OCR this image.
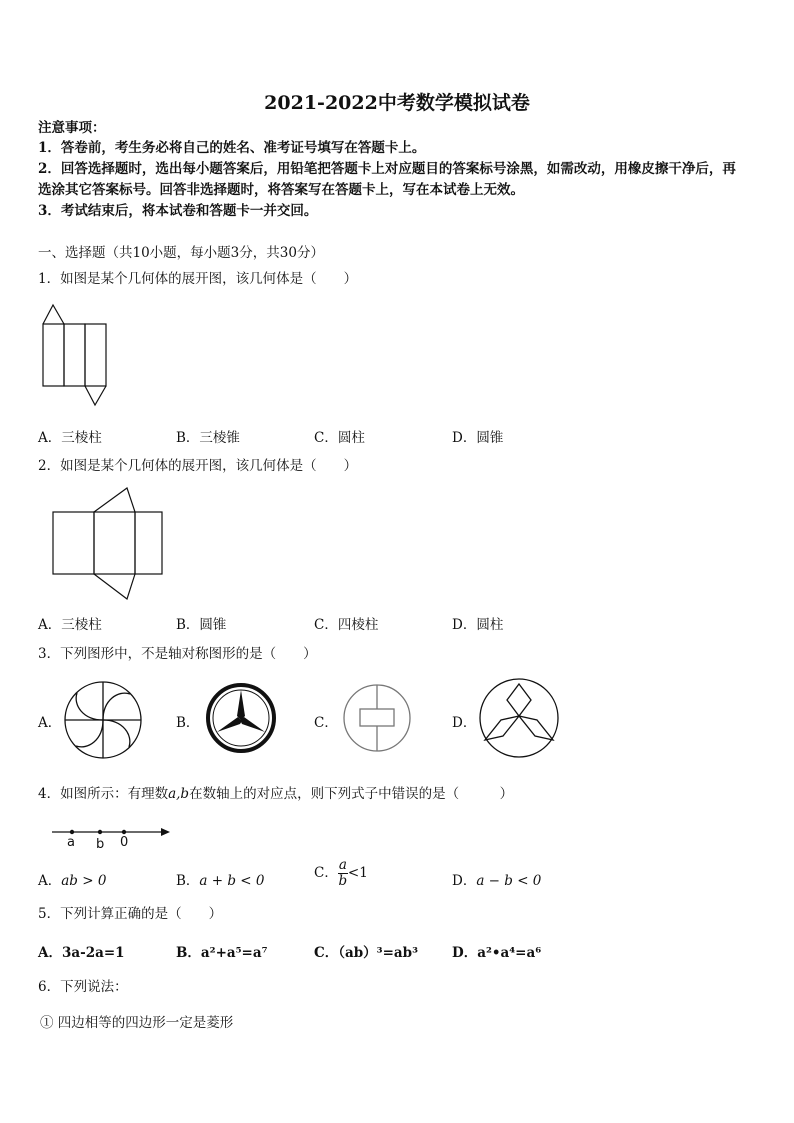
2021-2022中考数学模拟试卷
注意事项：
1．答卷前，考生务必将自己的姓名、准考证号填写在答题卡上。
2．回答选择题时，选出每小题答案后，用铅笔把答题卡上对应题目的答案标号涂黑，如需改动，用橡皮擦干净后，再
选涂其它答案标号。回答非选择题时，将答案写在答题卡上，写在本试卷上无效。
3．考试结束后，将本试卷和答题卡一并交回。
一、选择题（共10小题，每小题3分，共30分）
1．如图是某个几何体的展开图，该几何体是（　　）
A．三棱柱	B．三棱锥	C．圆柱	D．圆锥
2．如图是某个几何体的展开图，该几何体是（　　）
A．三棱柱	B．圆锥	C．四棱柱	D．圆柱
3．下列图形中，不是轴对称图形的是（　　）
A．	B．	C．	D．
4．如图所示：有理数a,b在数轴上的对应点，则下列式子中错误的是（　　　）
a b 0
A．ab > 0	B．a + b < 0	C． $\frac{a}{b} <1$	D．a − b < 0
5．下列计算正确的是（　　）
A．3a-2a=1	B．a²+a⁵=a⁷	C．（ab）³=ab³	D．a²•a⁴=a⁶
6．下列说法：
① 四边相等的四边形一定是菱形
